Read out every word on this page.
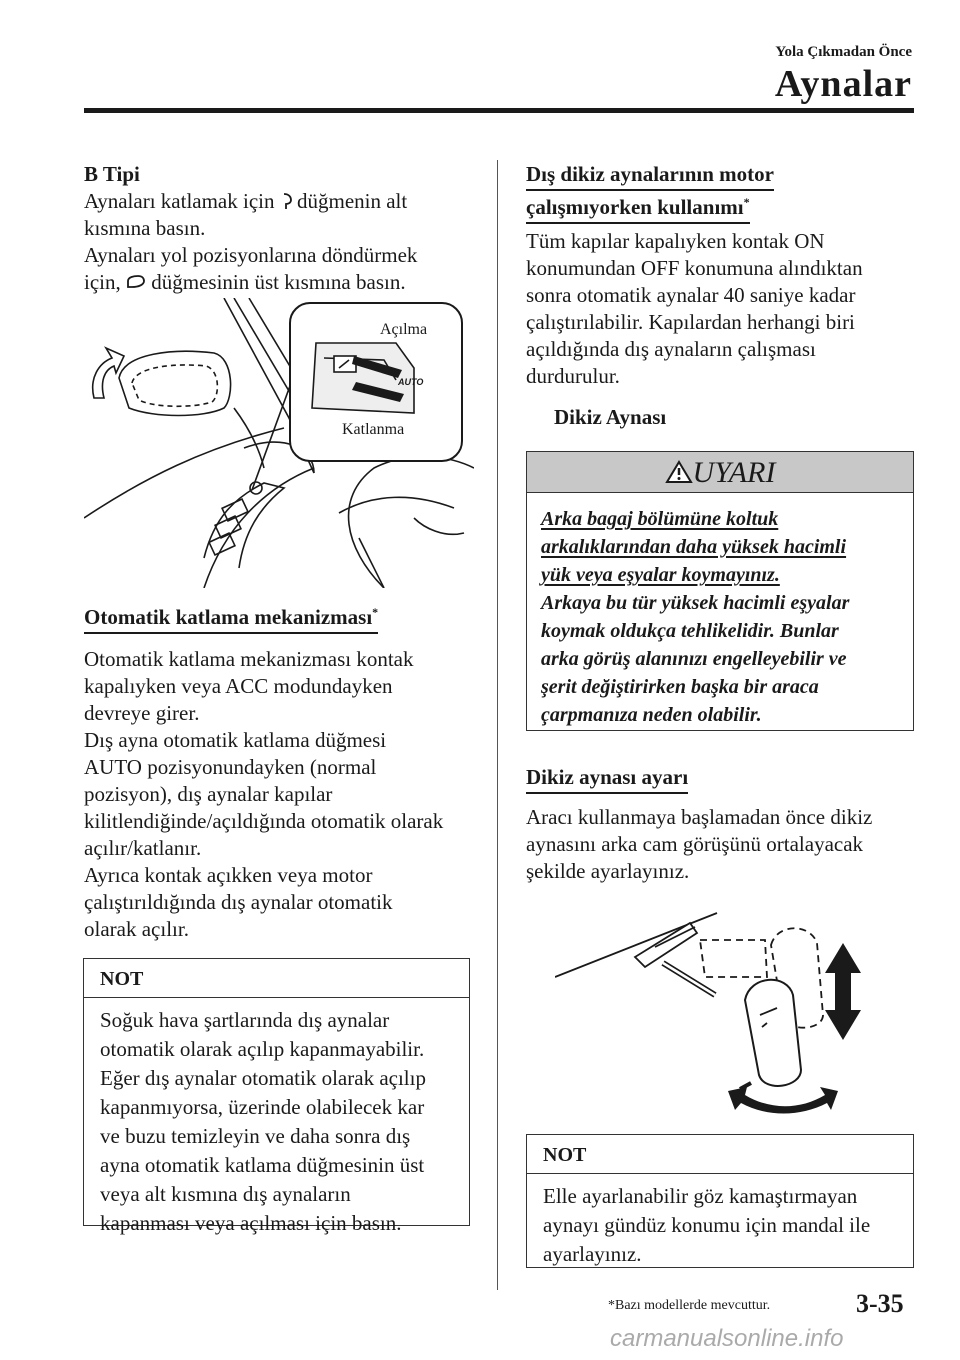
Yola Çıkmadan Önce
Aynalar
B Tipi
Aynaları katlamak için düğmenin alt
kısmına basın.
Aynaları yol pozisyonlarına döndürmek
için, düğmesinin üst kısmına basın.
AUTO
Açılma
Katlanma
Otomatik katlama mekanizması*
Otomatik katlama mekanizması kontak
kapalıyken veya ACC modundayken
devreye girer.
Dış ayna otomatik katlama düğmesi
AUTO pozisyonundayken (normal
pozisyon), dış aynalar kapılar
kilitlendiğinde/açıldığında otomatik olarak
açılır/katlanır.
Ayrıca kontak açıkken veya motor
çalıştırıldığında dış aynalar otomatik
olarak açılır.
NOT
Soğuk hava şartlarında dış aynalar
otomatik olarak açılıp kapanmayabilir.
Eğer dış aynalar otomatik olarak açılıp
kapanmıyorsa, üzerinde olabilecek kar
ve buzu temizleyin ve daha sonra dış
ayna otomatik katlama düğmesinin üst
veya alt kısmına dış aynaların
kapanması veya açılması için basın.
Dış dikiz aynalarının motor
çalışmıyorken kullanımı*
Tüm kapılar kapalıyken kontak ON
konumundan OFF konumuna alındıktan
sonra otomatik aynalar 40 saniye kadar
çalıştırılabilir. Kapılardan herhangi biri
açıldığında dış aynaların çalışması
durdurulur.
Dikiz Aynası
UYARI
Arka bagaj bölümüne koltuk
arkalıklarından daha yüksek hacimli
yük veya eşyalar koymayınız.
Arkaya bu tür yüksek hacimli eşyalar
koymak oldukça tehlikelidir. Bunlar
arka görüş alanınızı engelleyebilir ve
şerit değiştirirken başka bir araca
çarpmanıza neden olabilir.
Dikiz aynası ayarı
Aracı kullanmaya başlamadan önce dikiz
aynasını arka cam görüşünü ortalayacak
şekilde ayarlayınız.
NOT
Elle ayarlanabilir göz kamaştırmayan
aynayı gündüz konumu için mandal ile
ayarlayınız.
*Bazı modellerde mevcuttur.	3-35
carmanualsonline.info
